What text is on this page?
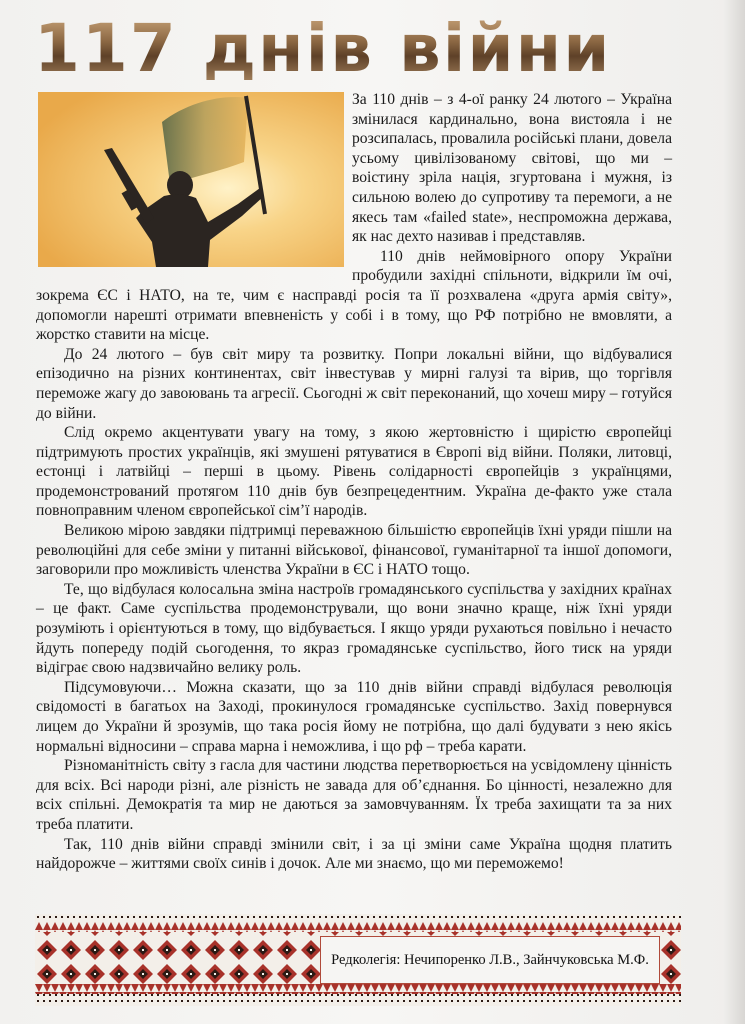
117 днів війни

За 110 днів – з 4-ої ранку 24 лютого – Україна змінилася кардинально, вона вистояла і не розсипалась, провалила російські плани, довела усьому цивілізованому світові, що ми – воістину зріла нація, згуртована і мужня, із сильною волею до супротиву та перемоги, а не якесь там «failed state», неспроможна держава, як нас дехто називав і представляв.

110 днів неймовірного опору України пробудили західні спільноти, відкрили їм очі, зокрема ЄС і НАТО, на те, чим є насправді росія та її розхвалена «друга армія світу», допомогли нарешті отримати впевненість у собі і в тому, що РФ потрібно не вмовляти, а жорстко ставити на місце.

До 24 лютого – був світ миру та розвитку. Попри локальні війни, що відбувалися епізодично на різних континентах, світ інвестував у мирні галузі та вірив, що торгівля переможе жагу до завоювань та агресії. Сьогодні ж світ переконаний, що хочеш миру – готуйся до війни.

Слід окремо акцентувати увагу на тому, з якою жертовністю і щирістю європейці підтримують простих українців, які змушені рятуватися в Європі від війни. Поляки, литовці, естонці і латвійці – перші в цьому. Рівень солідарності європейців з українцями, продемонстрований протягом 110 днів був безпрецедентним. Україна де-факто уже стала повноправним членом європейської сім’ї народів.

Великою мірою завдяки підтримці переважною більшістю європейців їхні уряди пішли на революційні для себе зміни у питанні військової, фінансової, гуманітарної та іншої допомоги, заговорили про можливість членства України в ЄС і НАТО тощо.

Те, що відбулася колосальна зміна настроїв громадянського суспільства у західних країнах – це факт. Саме суспільства продемонстрували, що вони значно краще, ніж їхні уряди розуміють і орієнтуються в тому, що відбувається. І якщо уряди рухаються повільно і нечасто йдуть попереду подій сьогодення, то якраз громадянське суспільство, його тиск на уряди відіграє свою надзвичайно велику роль.

Підсумовуючи… Можна сказати, що за 110 днів війни справді відбулася революція свідомості в багатьох на Заході, прокинулося громадянське суспільство. Захід повернувся лицем до України й зрозумів, що така росія йому не потрібна, що далі будувати з нею якісь нормальні відносини – справа марна і неможлива, і що рф – треба карати.

Різноманітність світу з гасла для частини людства перетворюється на усвідомлену цінність для всіх. Всі народи різні, але різність не завада для об’єднання. Бо цінності, незалежно для всіх спільні. Демократія та мир не даються за замовчуванням. Їх треба захищати та за них треба платити.

Так, 110 днів війни справді змінили світ, і за ці зміни саме Україна щодня платить найдорожче – життями своїх синів і дочок. Але ми знаємо, що ми переможемо!

Редколегія: Нечипоренко Л.В., Зайнчуковська М.Ф.
